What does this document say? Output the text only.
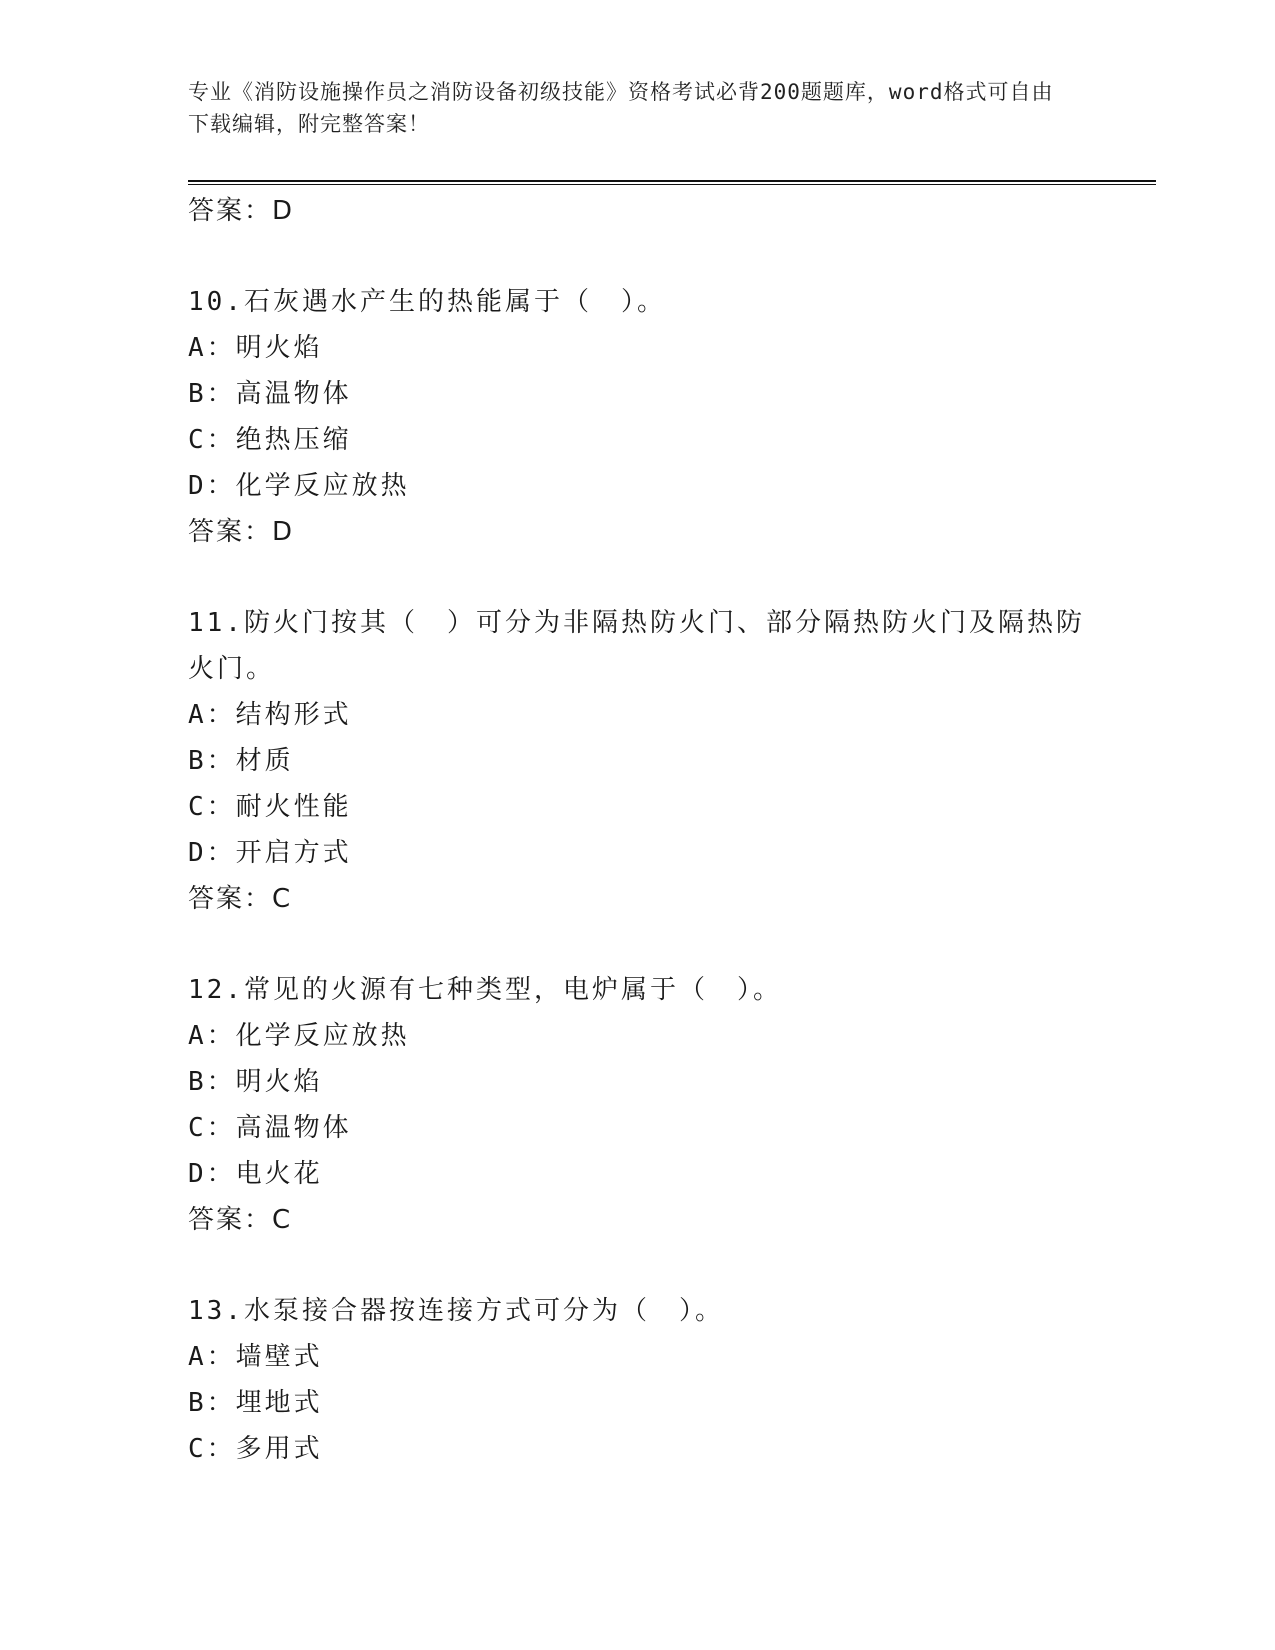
专业《消防设施操作员之消防设备初级技能》资格考试必背200题题库，word格式可自由下载编辑，附完整答案！
答案：D
10.石灰遇水产生的热能属于（　）。
A：明火焰
B：高温物体
C：绝热压缩
D：化学反应放热
答案：D
11.防火门按其（　）可分为非隔热防火门、部分隔热防火门及隔热防火门。
A：结构形式
B：材质
C：耐火性能
D：开启方式
答案：C
12.常见的火源有七种类型，电炉属于（　）。
A：化学反应放热
B：明火焰
C：高温物体
D：电火花
答案：C
13.水泵接合器按连接方式可分为（　）。
A：墙壁式
B：埋地式
C：多用式
